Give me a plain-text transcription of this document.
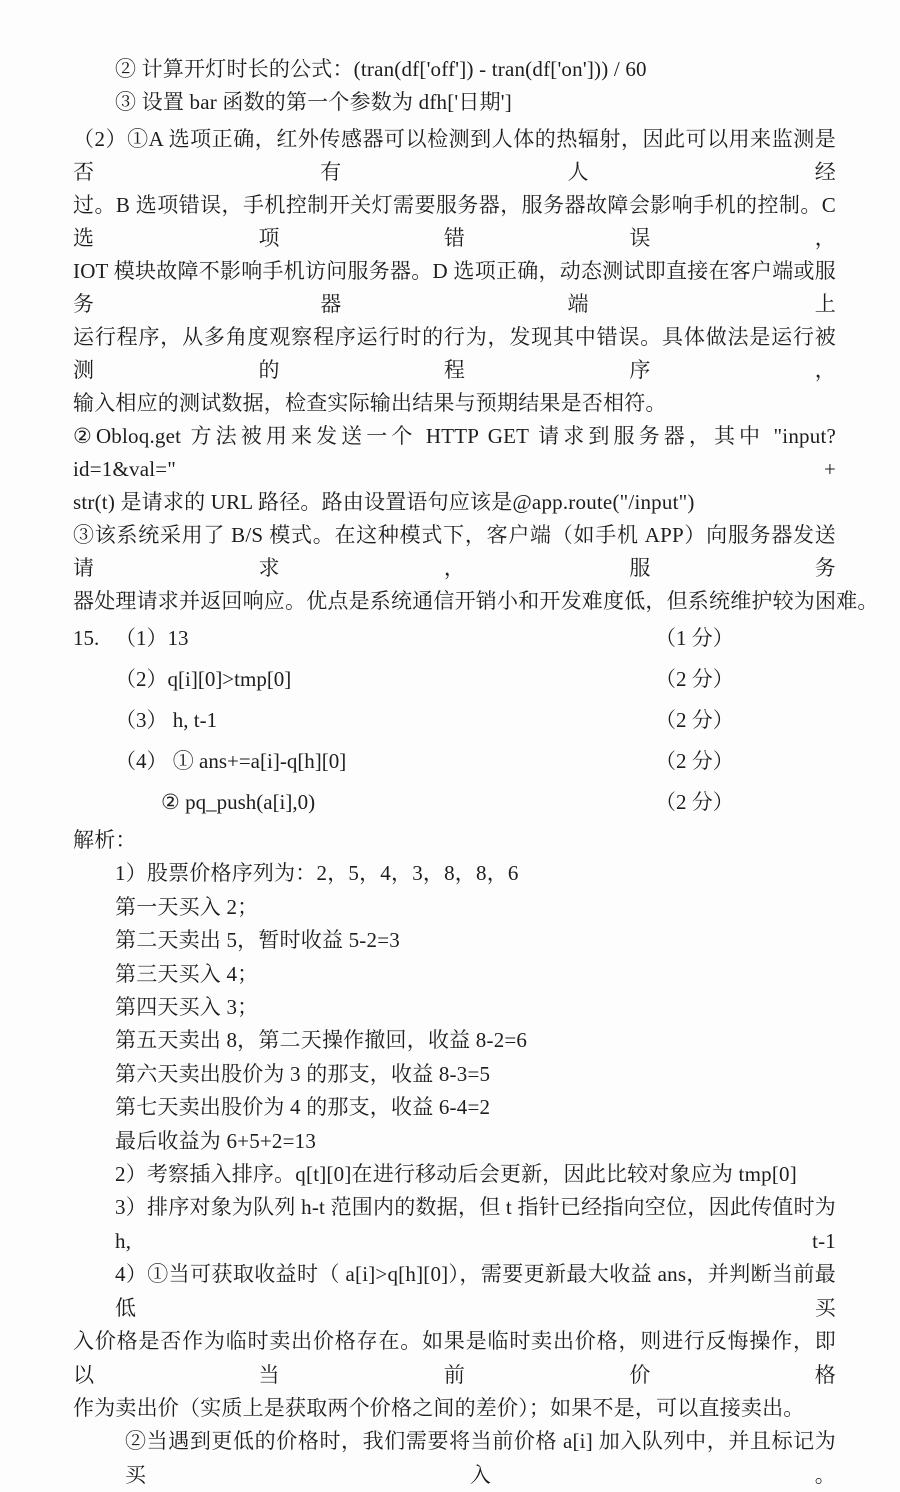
② 计算开灯时长的公式：(tran(df['off']) - tran(df['on'])) / 60
③ 设置 bar 函数的第一个参数为 dfh['日期']
（2）①A 选项正确，红外传感器可以检测到人体的热辐射，因此可以用来监测是否有人经
过。B 选项错误，手机控制开关灯需要服务器，服务器故障会影响手机的控制。C 选项错误，
IOT 模块故障不影响手机访问服务器。D 选项正确，动态测试即直接在客户端或服务器端上
运行程序，从多角度观察程序运行时的行为，发现其中错误。具体做法是运行被测的程序，
输入相应的测试数据，检查实际输出结果与预期结果是否相符。
②Obloq.get 方法被用来发送一个 HTTP GET 请求到服务器，其中 "input?id=1&val=" +
str(t) 是请求的 URL 路径。路由设置语句应该是@app.route("/input")
③该系统采用了 B/S 模式。在这种模式下，客户端（如手机 APP）向服务器发送请求，服务
器处理请求并返回响应。优点是系统通信开销小和开发难度低，但系统维护较为困难。
15. （1）13	（1 分）
（2）q[i][0]>tmp[0]	（2 分）
（3） h, t-1	（2 分）
（4） ① ans+=a[i]-q[h][0]	（2 分）
② pq_push(a[i],0)	（2 分）
解析：
1）股票价格序列为：2，5，4，3，8，8，6
第一天买入 2；
第二天卖出 5，暂时收益 5-2=3
第三天买入 4；
第四天买入 3；
第五天卖出 8，第二天操作撤回，收益 8-2=6
第六天卖出股价为 3 的那支，收益 8-3=5
第七天卖出股价为 4 的那支，收益 6-4=2
最后收益为 6+5+2=13
2）考察插入排序。q[t][0]在进行移动后会更新，因此比较对象应为 tmp[0]
3）排序对象为队列 h-t 范围内的数据，但 t 指针已经指向空位，因此传值时为 h, t-1
4）①当可获取收益时（ a[i]>q[h][0]），需要更新最大收益 ans，并判断当前最低买
入价格是否作为临时卖出价格存在。如果是临时卖出价格，则进行反悔操作，即以当前价格
作为卖出价（实质上是获取两个价格之间的差价）；如果不是，可以直接卖出。
②当遇到更低的价格时，我们需要将当前价格 a[i] 加入队列中，并且标记为买入。
